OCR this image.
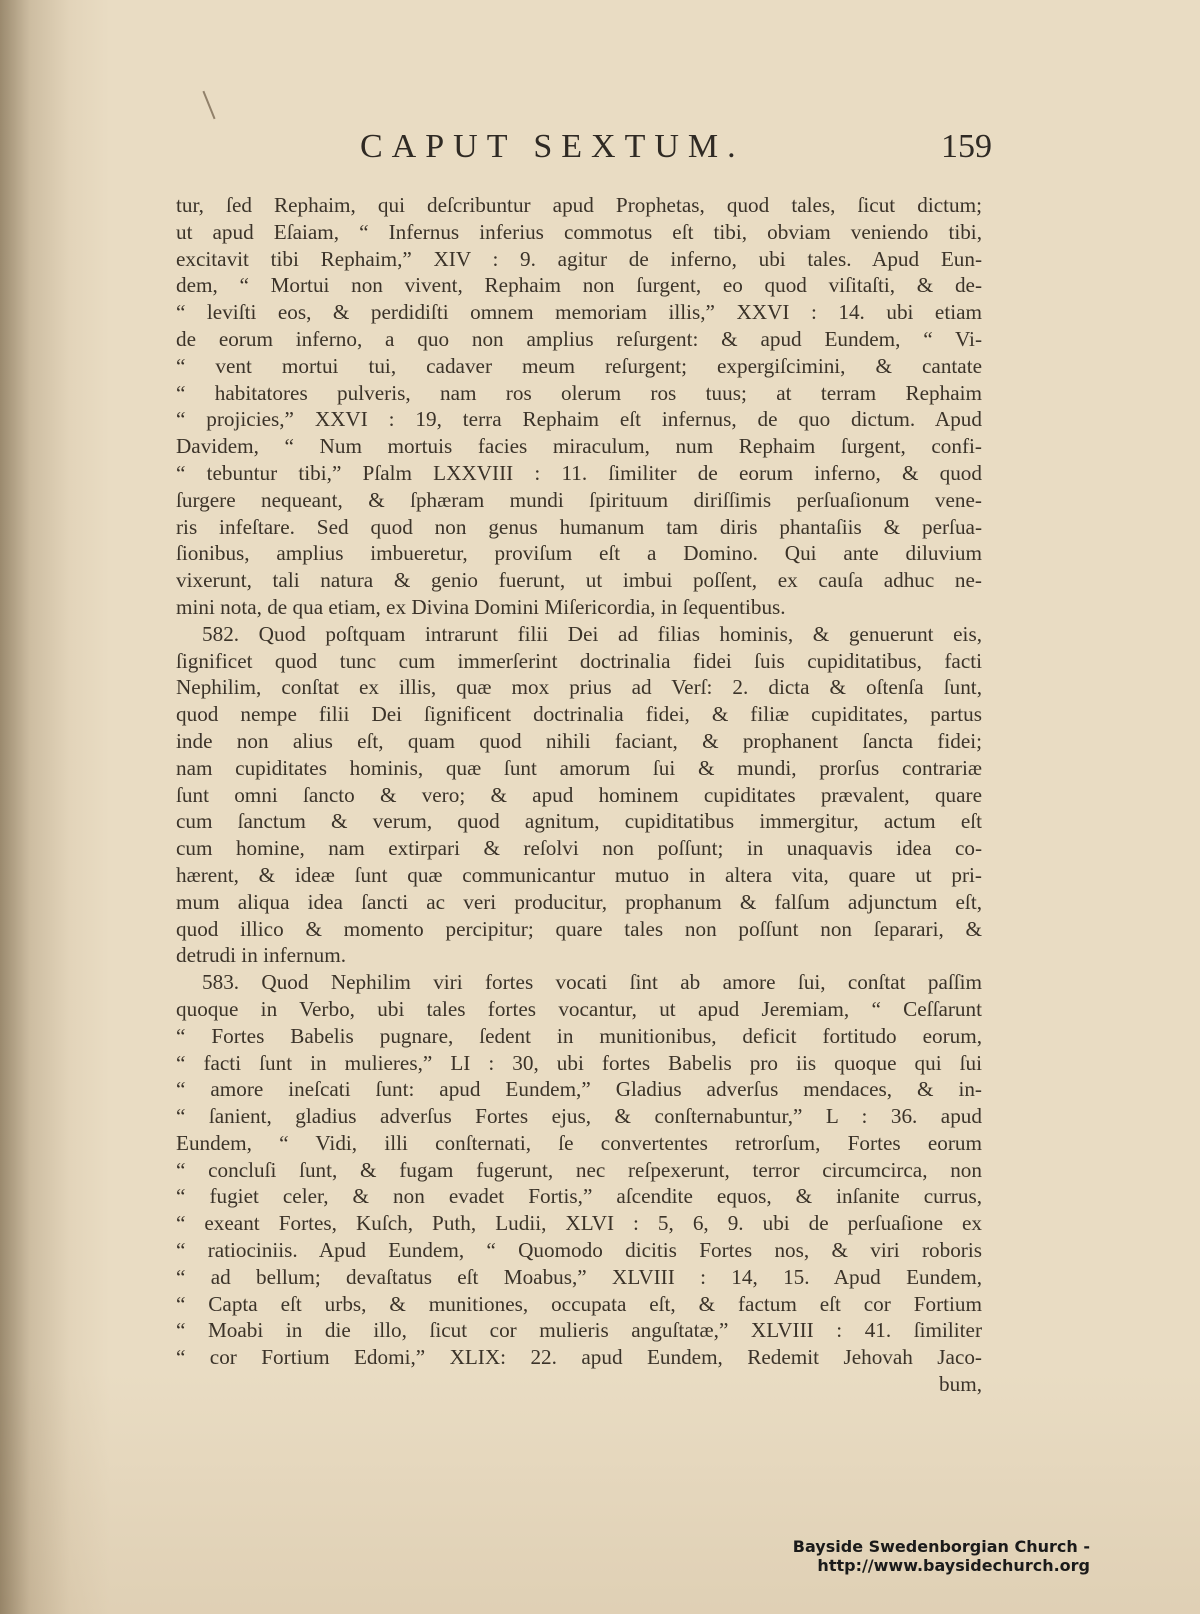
CAPUT SEXTUM.	159
tur, ſed Rephaim, qui deſcribuntur apud Prophetas, quod tales, ſicut dictum;
ut apud Eſaiam, “ Infernus inferius commotus eſt tibi, obviam veniendo tibi,
excitavit tibi Rephaim,” XIV : 9. agitur de inferno, ubi tales. Apud Eun-
dem, “ Mortui non vivent, Rephaim non ſurgent, eo quod viſitaſti, & de-
“ leviſti eos, & perdidiſti omnem memoriam illis,” XXVI : 14. ubi etiam
de eorum inferno, a quo non amplius reſurgent: & apud Eundem, “ Vi-
“ vent mortui tui, cadaver meum reſurgent; expergiſcimini, & cantate
“ habitatores pulveris, nam ros olerum ros tuus; at terram Rephaim
“ projicies,” XXVI : 19, terra Rephaim eſt infernus, de quo dictum. Apud
Davidem, “ Num mortuis facies miraculum, num Rephaim ſurgent, confi-
“ tebuntur tibi,” Pſalm LXXVIII : 11. ſimiliter de eorum inferno, & quod
ſurgere nequeant, & ſphæram mundi ſpirituum diriſſimis perſuaſionum vene-
ris infeſtare. Sed quod non genus humanum tam diris phantaſiis & perſua-
ſionibus, amplius imbueretur, proviſum eſt a Domino. Qui ante diluvium
vixerunt, tali natura & genio fuerunt, ut imbui poſſent, ex cauſa adhuc ne-
mini nota, de qua etiam, ex Divina Domini Miſericordia, in ſequentibus.
582. Quod poſtquam intrarunt filii Dei ad filias hominis, & genuerunt eis,
ſignificet quod tunc cum immerſerint doctrinalia fidei ſuis cupiditatibus, facti
Nephilim, conſtat ex illis, quæ mox prius ad Verſ: 2. dicta & oſtenſa ſunt,
quod nempe filii Dei ſignificent doctrinalia fidei, & filiæ cupiditates, partus
inde non alius eſt, quam quod nihili faciant, & prophanent ſancta fidei;
nam cupiditates hominis, quæ ſunt amorum ſui & mundi, prorſus contrariæ
ſunt omni ſancto & vero; & apud hominem cupiditates prævalent, quare
cum ſanctum & verum, quod agnitum, cupiditatibus immergitur, actum eſt
cum homine, nam extirpari & reſolvi non poſſunt; in unaquavis idea co-
hærent, & ideæ ſunt quæ communicantur mutuo in altera vita, quare ut pri-
mum aliqua idea ſancti ac veri producitur, prophanum & falſum adjunctum eſt,
quod illico & momento percipitur; quare tales non poſſunt non ſeparari, &
detrudi in infernum.
583. Quod Nephilim viri fortes vocati ſint ab amore ſui, conſtat paſſim
quoque in Verbo, ubi tales fortes vocantur, ut apud Jeremiam, “ Ceſſarunt
“ Fortes Babelis pugnare, ſedent in munitionibus, deficit fortitudo eorum,
“ facti ſunt in mulieres,” LI : 30, ubi fortes Babelis pro iis quoque qui ſui
“ amore ineſcati ſunt: apud Eundem,” Gladius adverſus mendaces, & in-
“ ſanient, gladius adverſus Fortes ejus, & conſternabuntur,” L : 36. apud
Eundem, “ Vidi, illi conſternati, ſe convertentes retrorſum, Fortes eorum
“ concluſi ſunt, & fugam fugerunt, nec reſpexerunt, terror circumcirca, non
“ fugiet celer, & non evadet Fortis,” aſcendite equos, & inſanite currus,
“ exeant Fortes, Kuſch, Puth, Ludii, XLVI : 5, 6, 9. ubi de perſuaſione ex
“ ratiociniis. Apud Eundem, “ Quomodo dicitis Fortes nos, & viri roboris
“ ad bellum; devaſtatus eſt Moabus,” XLVIII : 14, 15. Apud Eundem,
“ Capta eſt urbs, & munitiones, occupata eſt, & factum eſt cor Fortium
“ Moabi in die illo, ſicut cor mulieris anguſtatæ,” XLVIII : 41. ſimiliter
“ cor Fortium Edomi,” XLIX: 22. apud Eundem, Redemit Jehovah Jaco-
bum,
Bayside Swedenborgian Church - http://www.baysidechurch.org
